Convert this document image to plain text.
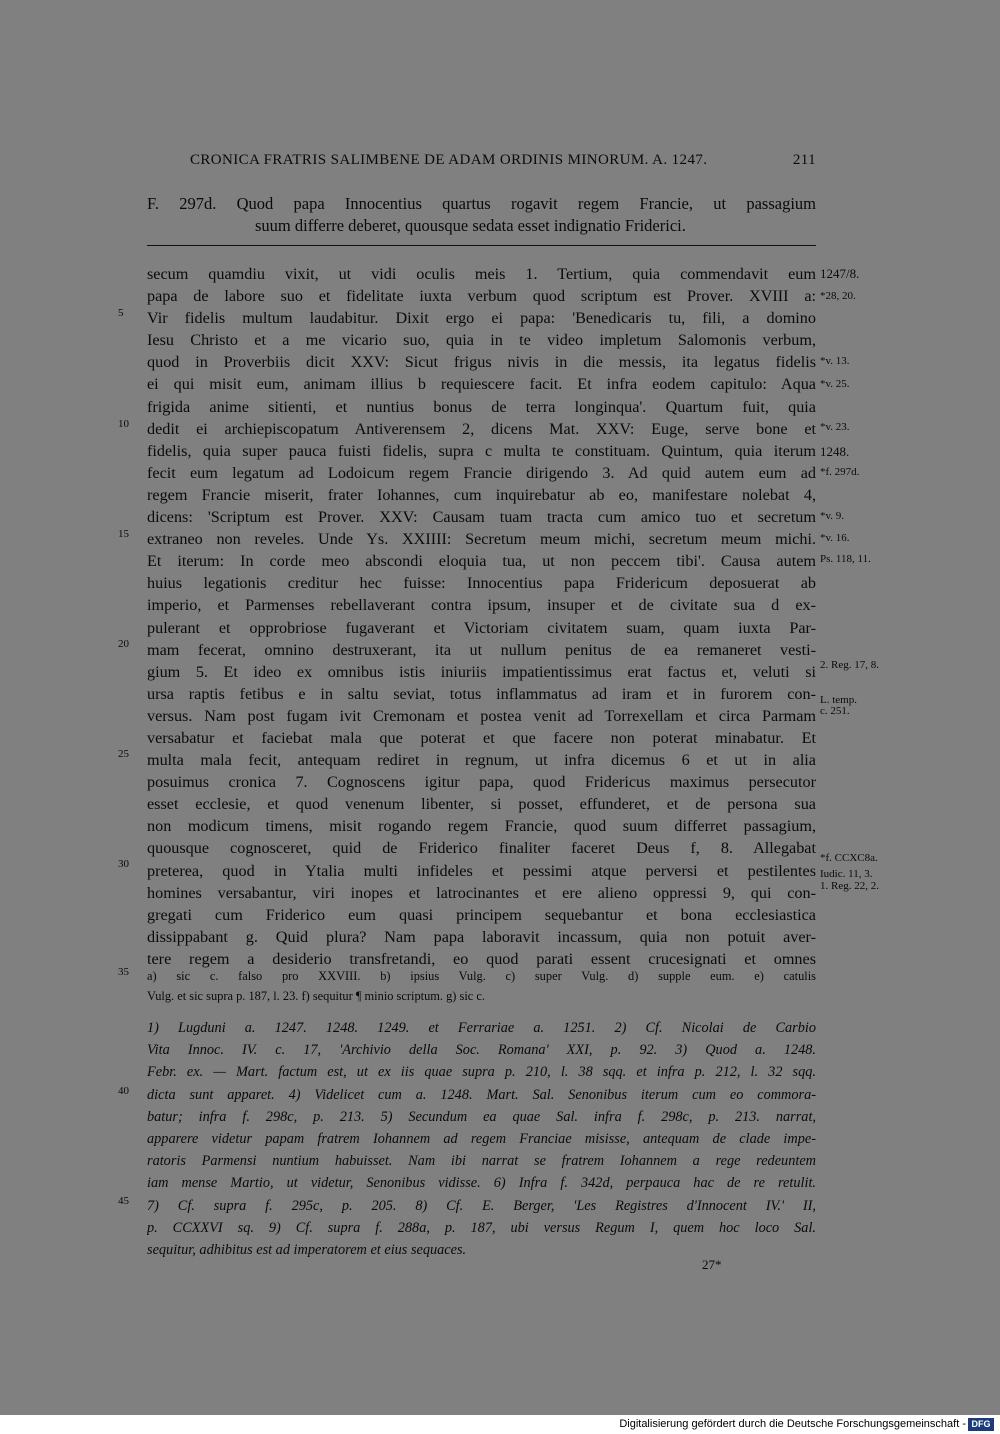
CRONICA FRATRIS SALIMBENE DE ADAM ORDINIS MINORUM. A. 1247.	211
F. 297d. Quod papa Innocentius quartus rogavit regem Francie, ut passagium
suum differre deberet, quousque sedata esset indignatio Friderici.
secum quamdiu vixit, ut vidi oculis meis 1. Tertium, quia commendavit eum
papa de labore suo et fidelitate iuxta verbum quod scriptum est Prover. XVIII a:
Vir fidelis multum laudabitur. Dixit ergo ei papa: 'Benedicaris tu, fili, a domino
Iesu Christo et a me vicario suo, quia in te video impletum Salomonis verbum,
quod in Proverbiis dicit XXV: Sicut frigus nivis in die messis, ita legatus fidelis
ei qui misit eum, animam illius b requiescere facit. Et infra eodem capitulo: Aqua
frigida anime sitienti, et nuntius bonus de terra longinqua'. Quartum fuit, quia
dedit ei archiepiscopatum Antiverensem 2, dicens Mat. XXV: Euge, serve bone et
fidelis, quia super pauca fuisti fidelis, supra c multa te constituam. Quintum, quia iterum
fecit eum legatum ad Lodoicum regem Francie dirigendo 3. Ad quid autem eum ad
regem Francie miserit, frater Iohannes, cum inquirebatur ab eo, manifestare nolebat 4,
dicens: 'Scriptum est Prover. XXV: Causam tuam tracta cum amico tuo et secretum
extraneo non reveles. Unde Ys. XXIIII: Secretum meum michi, secretum meum michi.
Et iterum: In corde meo abscondi eloquia tua, ut non peccem tibi'. Causa autem
huius legationis creditur hec fuisse: Innocentius papa Fridericum deposuerat ab
imperio, et Parmenses rebellaverant contra ipsum, insuper et de civitate sua d ex-
pulerant et opprobriose fugaverant et Victoriam civitatem suam, quam iuxta Par-
mam fecerat, omnino destruxerant, ita ut nullum penitus de ea remaneret vesti-
gium 5. Et ideo ex omnibus istis iniuriis impatientissimus erat factus et, veluti si
ursa raptis fetibus e in saltu seviat, totus inflammatus ad iram et in furorem con-
versus. Nam post fugam ivit Cremonam et postea venit ad Torrexellam et circa Parmam
versabatur et faciebat mala que poterat et que facere non poterat minabatur. Et
multa mala fecit, antequam rediret in regnum, ut infra dicemus 6 et ut in alia
posuimus cronica 7. Cognoscens igitur papa, quod Fridericus maximus persecutor
esset ecclesie, et quod venenum libenter, si posset, effunderet, et de persona sua
non modicum timens, misit rogando regem Francie, quod suum differret passagium,
quousque cognosceret, quid de Friderico finaliter faceret Deus f, 8. Allegabat
preterea, quod in Ytalia multi infideles et pessimi atque perversi et pestilentes
homines versabantur, viri inopes et latrocinantes et ere alieno oppressi 9, qui con-
gregati cum Friderico eum quasi principem sequebantur et bona ecclesiastica
dissippabant g. Quid plura? Nam papa laboravit incassum, quia non potuit aver-
tere regem a desiderio transfretandi, eo quod parati essent crucesignati et omnes
5
10
15
20
25
30
35
40
45
1247/8.
*28, 20.
*v. 13.
*v. 25.
*v. 23.
1248.
*f. 297d.
*v. 9.
*v. 16.
Ps. 118, 11.
2. Reg. 17, 8.
L. temp.
c. 251.
*f. CCXC8a.
Iudic. 11, 3.
1. Reg. 22, 2.
a) sic c. falso pro XXVIII. b) ipsius Vulg. c) super Vulg. d) supple eum. e) catulis
Vulg. et sic supra p. 187, l. 23. f) sequitur ¶ minio scriptum. g) sic c.
1) Lugduni a. 1247. 1248. 1249. et Ferrariae a. 1251. 2) Cf. Nicolai de Carbio
Vita Innoc. IV. c. 17, 'Archivio della Soc. Romana' XXI, p. 92. 3) Quod a. 1248.
Febr. ex. — Mart. factum est, ut ex iis quae supra p. 210, l. 38 sqq. et infra p. 212, l. 32 sqq.
dicta sunt apparet. 4) Videlicet cum a. 1248. Mart. Sal. Senonibus iterum cum eo commora-
batur; infra f. 298c, p. 213. 5) Secundum ea quae Sal. infra f. 298c, p. 213. narrat,
apparere videtur papam fratrem Iohannem ad regem Franciae misisse, antequam de clade impe-
ratoris Parmensi nuntium habuisset. Nam ibi narrat se fratrem Iohannem a rege redeuntem
iam mense Martio, ut videtur, Senonibus vidisse. 6) Infra f. 342d, perpauca hac de re retulit.
7) Cf. supra f. 295c, p. 205. 8) Cf. E. Berger, 'Les Registres d'Innocent IV.' II,
p. CCXXVI sq. 9) Cf. supra f. 288a, p. 187, ubi versus Regum I, quem hoc loco Sal.
sequitur, adhibitus est ad imperatorem et eius sequaces.
27*
Digitalisierung gefördert durch die Deutsche Forschungsgemeinschaft - DFG
